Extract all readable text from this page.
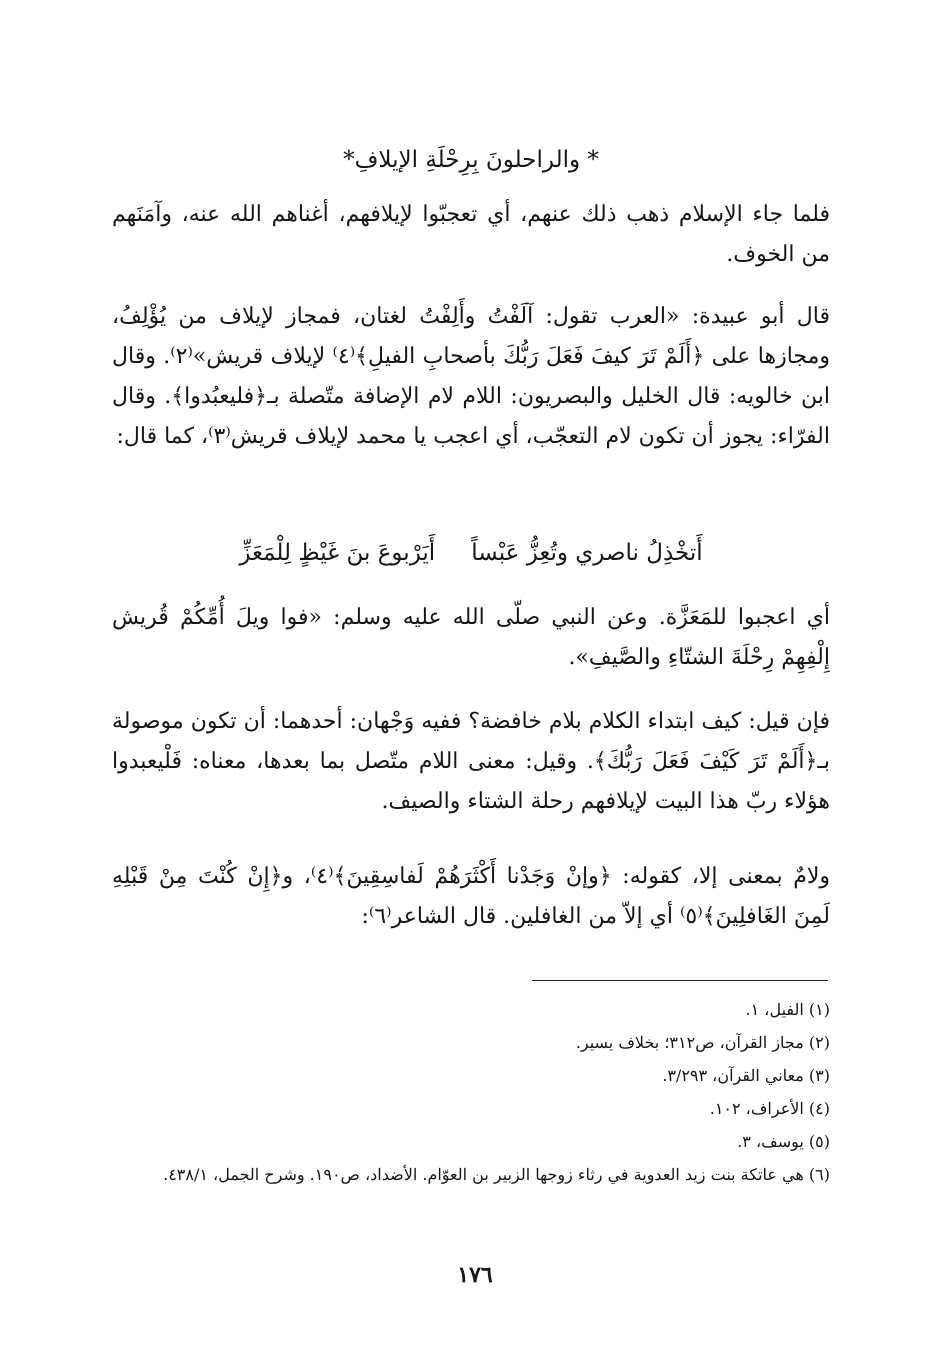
* والراحلونَ بِرِحْلَةِ الإيلافِ*
فلما جاء الإسلام ذهب ذلك عنهم، أي تعجبّوا لإيلافهم، أغناهم الله عنه، وآمَنَهم من الخوف.
قال أبو عبيدة: «العرب تقول: آلَفْتُ وأَلِفْتُ لغتان، فمجاز لإيلاف من يُؤْلِفُ، ومجازها على ﴿أَلَمْ تَرَ كيفَ فَعَلَ رَبُّكَ بأصحابِ الفيلِ﴾⁽٤⁾ لإيلاف قريش»⁽٢⁾. وقال ابن خالويه: قال الخليل والبصريون: اللام لام الإضافة متّصلة بـ﴿فليعبُدوا﴾. وقال الفرّاء: يجوز أن تكون لام التعجّب، أي اعجب يا محمد لإيلاف قريش⁽٣⁾، كما قال:
أَتخْذِلُ ناصري وتُعِزُّ عَبْساً
أَيَرْبوعَ بنَ غَيْظٍ لِلْمَعَزِّ
أي اعجبوا للمَعَزَّة. وعن النبي صلّى الله عليه وسلم: «فوا ويلَ أُمِّكُمْ قُريش إِلْفِهِمْ رِحْلَةَ الشتّاءِ والصَّيفِ».
فإن قيل: كيف ابتداء الكلام بلام خافضة؟ ففيه وَجْهان: أحدهما: أن تكون موصولة بـ﴿أَلَمْ تَرَ كَيْفَ فَعَلَ رَبُّكَ﴾. وقيل: معنى اللام متّصل بما بعدها، معناه: فَلْيعبدوا هؤلاء ربّ هذا البيت لإيلافهم رحلة الشتاء والصيف.
ولامٌ بمعنى إلا، كقوله: ﴿وإنْ وَجَدْنا أَكْثَرَهُمْ لَفاسِقِينَ﴾⁽٤⁾، و﴿إِنْ كُنْتَ مِنْ قَبْلِهِ لَمِنَ الغَافلِينَ﴾⁽٥⁾ أي إلاّ من الغافلين. قال الشاعر⁽٦⁾:
(١) الفيل، ١.
(٢) مجاز القرآن، ص٣١٢؛ بخلاف يسير.
(٣) معاني القرآن، ٣/٢٩٣.
(٤) الأعراف، ١٠٢.
(٥) يوسف، ٣.
(٦) هي عاتكة بنت زيد العدوية في رثاء زوجها الزبير بن العوّام. الأضداد، ص١٩٠. وشرح الجمل، ٤٣٨/١.
١٧٦
